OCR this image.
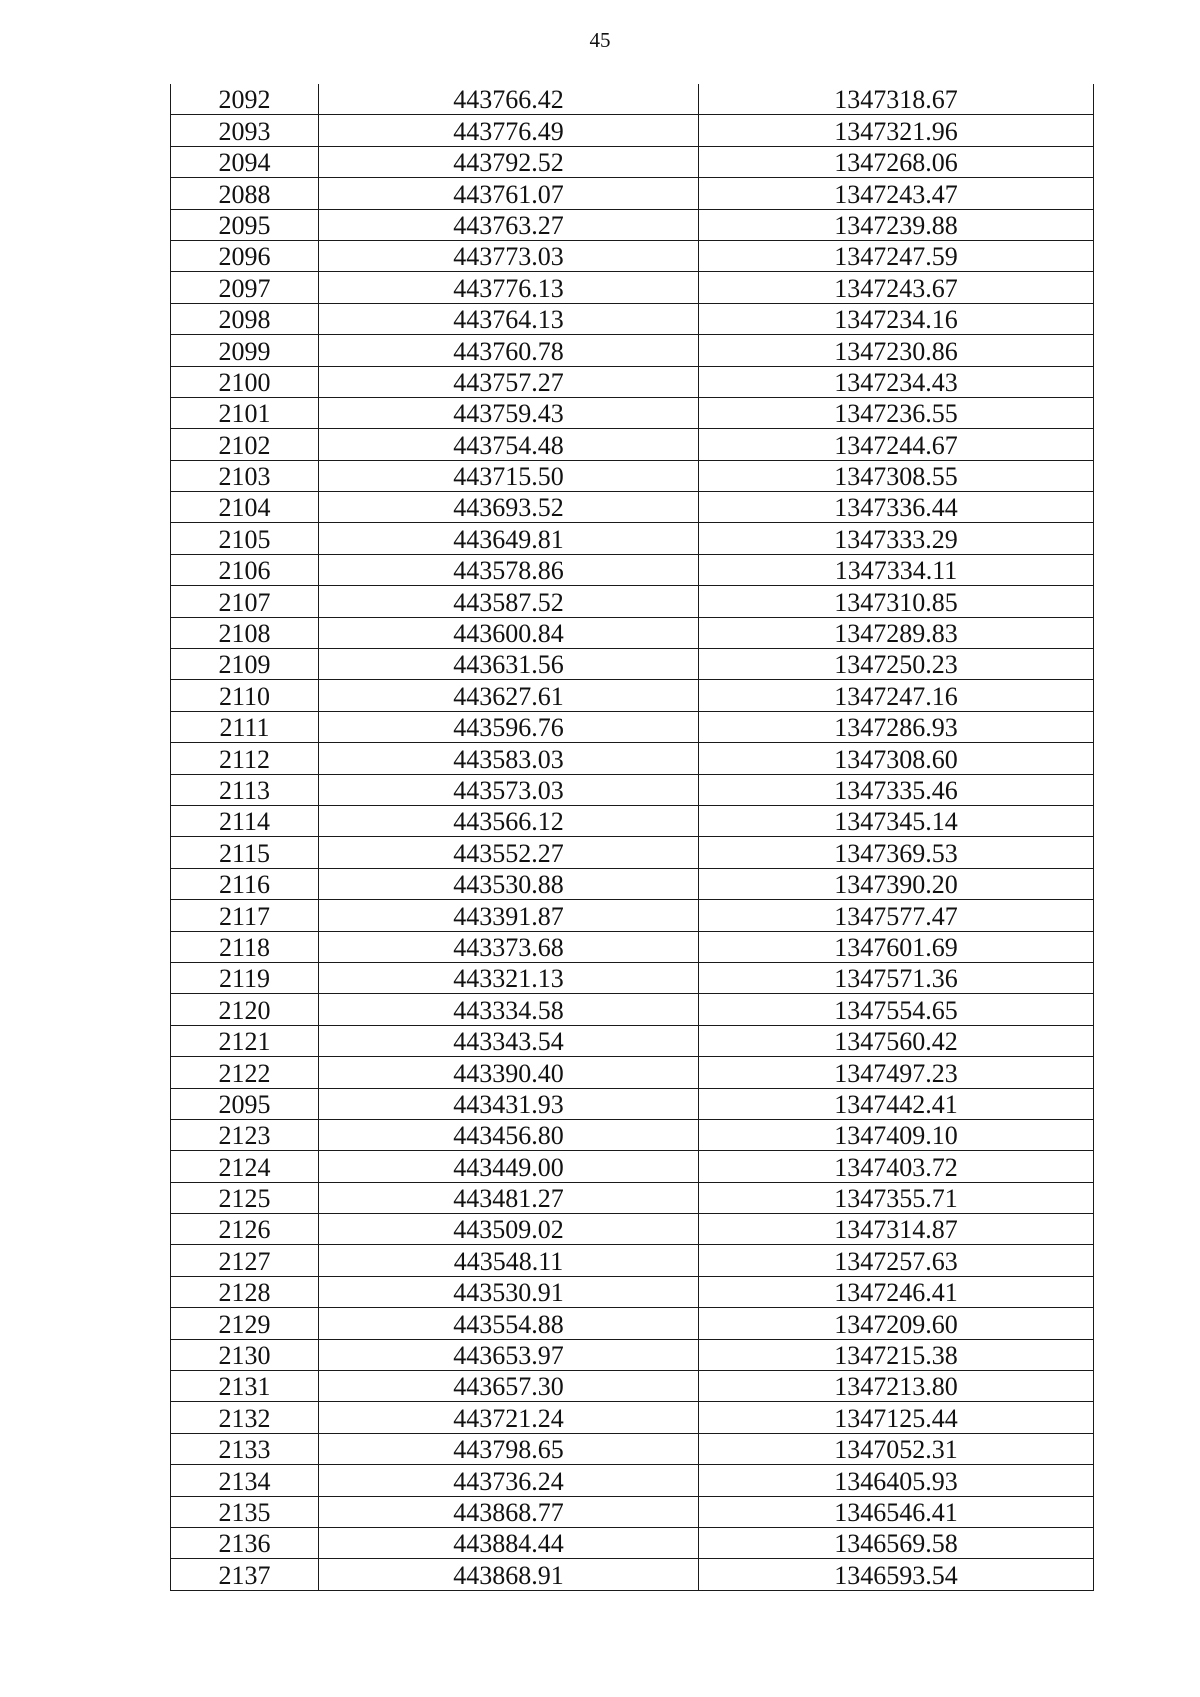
45
2092	443766.42	1347318.67
2093	443776.49	1347321.96
2094	443792.52	1347268.06
2088	443761.07	1347243.47
2095	443763.27	1347239.88
2096	443773.03	1347247.59
2097	443776.13	1347243.67
2098	443764.13	1347234.16
2099	443760.78	1347230.86
2100	443757.27	1347234.43
2101	443759.43	1347236.55
2102	443754.48	1347244.67
2103	443715.50	1347308.55
2104	443693.52	1347336.44
2105	443649.81	1347333.29
2106	443578.86	1347334.11
2107	443587.52	1347310.85
2108	443600.84	1347289.83
2109	443631.56	1347250.23
2110	443627.61	1347247.16
2111	443596.76	1347286.93
2112	443583.03	1347308.60
2113	443573.03	1347335.46
2114	443566.12	1347345.14
2115	443552.27	1347369.53
2116	443530.88	1347390.20
2117	443391.87	1347577.47
2118	443373.68	1347601.69
2119	443321.13	1347571.36
2120	443334.58	1347554.65
2121	443343.54	1347560.42
2122	443390.40	1347497.23
2095	443431.93	1347442.41
2123	443456.80	1347409.10
2124	443449.00	1347403.72
2125	443481.27	1347355.71
2126	443509.02	1347314.87
2127	443548.11	1347257.63
2128	443530.91	1347246.41
2129	443554.88	1347209.60
2130	443653.97	1347215.38
2131	443657.30	1347213.80
2132	443721.24	1347125.44
2133	443798.65	1347052.31
2134	443736.24	1346405.93
2135	443868.77	1346546.41
2136	443884.44	1346569.58
2137	443868.91	1346593.54
